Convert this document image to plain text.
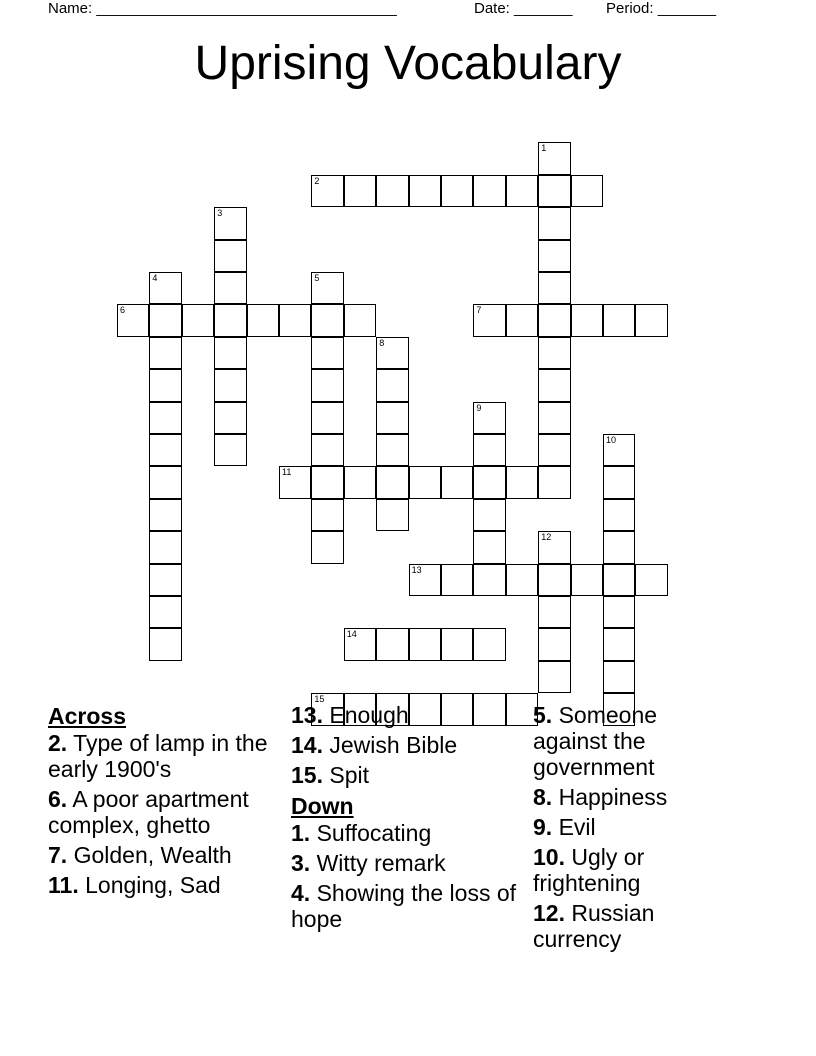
Name: ____________________________________	Date: _______ Period: _______
Uprising Vocabulary
1
2
3
4	5
6	7
8
9
10
11
12
13
14
15
Across
2. Type of lamp in the early 1900's
6. A poor apartment complex, ghetto
7. Golden, Wealth
11. Longing, Sad
13. Enough
14. Jewish Bible
15. Spit
Down
1. Suffocating
3. Witty remark
4. Showing the loss of hope
5. Someone against the government
8. Happiness
9. Evil
10. Ugly or frightening
12. Russian currency
